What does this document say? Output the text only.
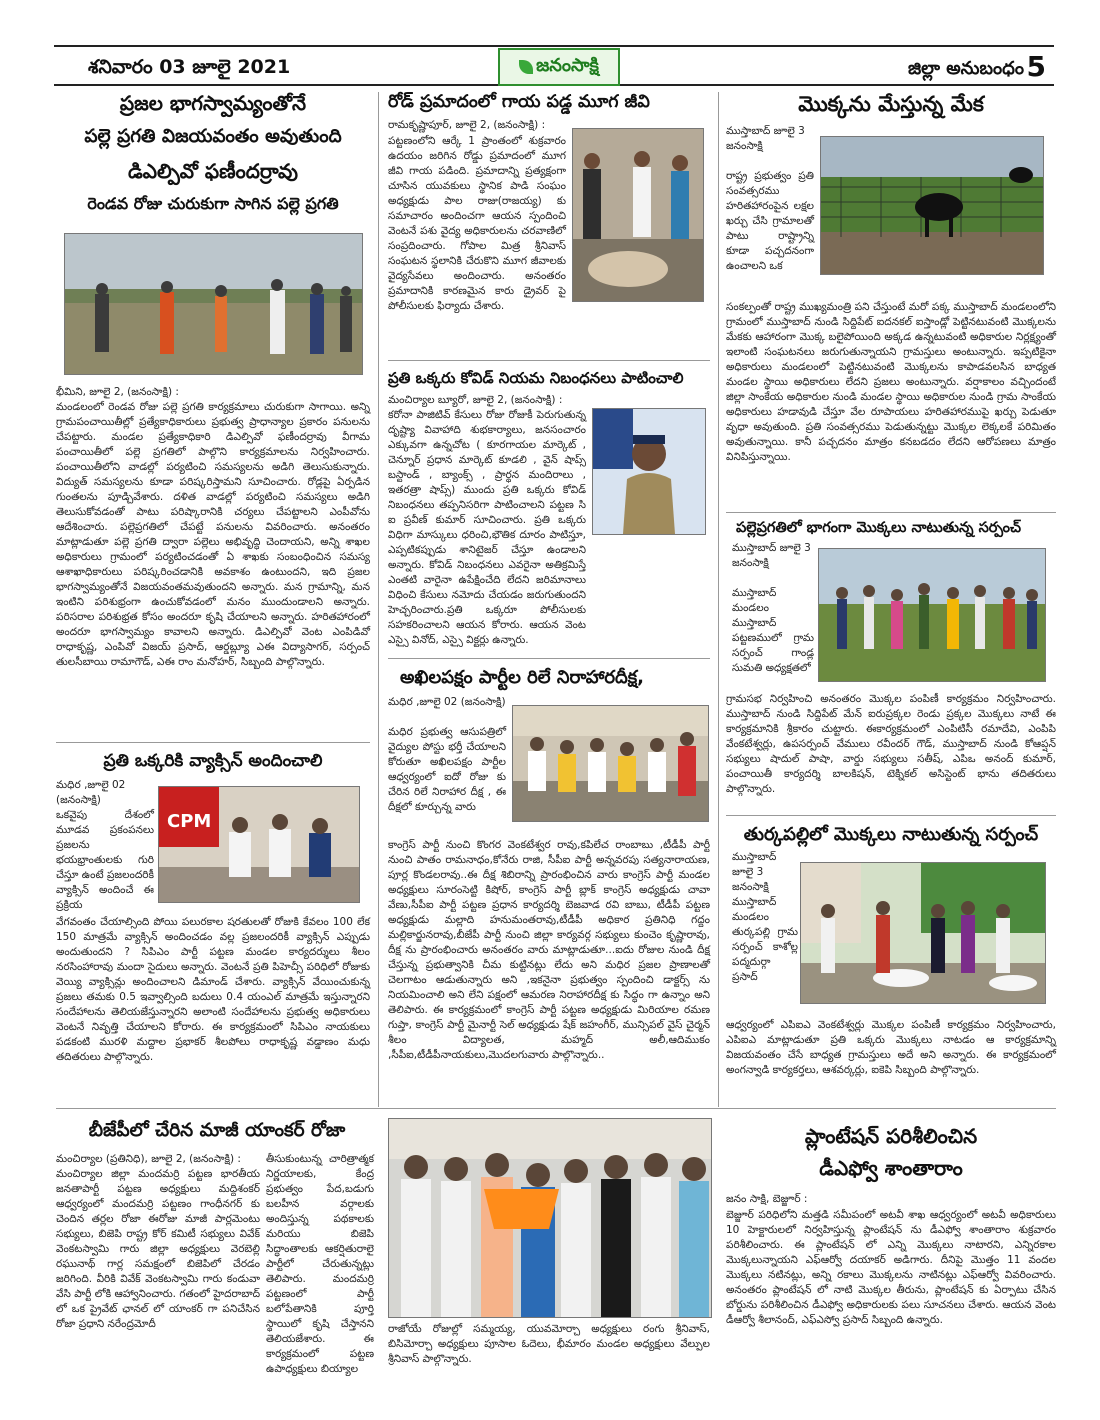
శనివారం 03 జూలై 2021	జనంసాక్షి	జిల్లా అనుబంధం 5
ప్రజల భాగస్వామ్యంతోనే
పల్లె ప్రగతి విజయవంతం అవుతుంది
డిఎల్పివో ఫణీందర్రావు
రెండవ రోజు చురుకుగా సాగిన పల్లె ప్రగతి
భీమిని, జూలై 2, (జనంసాక్షి) :
మండలంలో రెండవ రోజు పల్లె ప్రగతి కార్యక్రమాలు చురుకుగా సాగాయి. అన్ని గ్రామపంచాయితీల్లో ప్రత్యేకాధికారులు ప్రభుత్వ ప్రాధాన్యాల ప్రకారం పనులను చేపట్టారు. మండల ప్రత్యేకాధికారి డిఎల్పివో ఫణీందర్రావు వీగామ పంచాయితీలో పల్లె ప్రగతిలో పాల్గొని కార్యక్రమాలను నిర్వహించారు. పంచాయితీలోని వాడల్లో పర్యటించి సమస్యలను అడిగి తెలుసుకున్నారు. విద్యుత్ సమస్యలను కూడా పరిష్కరిస్తామని సూచించారు. రోడ్లపై ఏర్పడిన గుంతలను పూడ్చివేశారు. దళిత వాడల్లో పర్యటించి సమస్యలు అడిగి తెలుసుకోవడంతో పాటు పరిష్కారానికి చర్యలు చేపట్టాలని ఎంపీవోను ఆదేశించారు. పల్లెప్రగతిలో చేపట్టే పనులను వివరించారు. అనంతరం మాట్లాడుతూ పల్లె ప్రగతి ద్వారా పల్లెలు అభివృద్ధి చెందాయని, అన్ని శాఖల అధికారులు గ్రామంలో పర్యటించడంతో ఏ శాఖకు సంబంధించిన సమస్య ఆశాఖాధికారులు పరిష్కరించడానికి అవకాశం ఉంటుందని, ఇది ప్రజల భాగస్వామ్యంతోనే విజయవంతమవుతుందని అన్నారు. మన గ్రామాన్ని, మన ఇంటిని పరిశుభ్రంగా ఉంచుకోవడంలో మనం ముందుండాలని అన్నారు. పరిసరాల పరిశుభ్రత కోసం అందరూ కృషి చేయాలని అన్నారు. హరితహారంలో అందరూ భాగస్వామ్యం కావాలని అన్నారు. డిఎల్పివో వెంట ఎంపిడివో రాధాకృష్ణ, ఎంపివో విజయ్ ప్రసాద్, ఆర్డబ్ల్యూ ఎఈ విద్యాసాగర్, సర్పంచ్ తులసీబాయి రామాగౌడ్, ఎఈ రాం మనోహర్, సిబ్బంది పాల్గొన్నారు.
ప్రతి ఒక్కరికి వ్యాక్సిన్ అందించాలి
మధిర ,జూలై 02 (జనంసాక్షి)
ఒకవైపు దేశంలో మూడవ ప్రకంపనలు ప్రజలను భయభ్రాంతులకు గురి చేస్తూ ఉంటే ప్రజలందరికీ వ్యాక్సిన్ అందించే ఈ ప్రక్రియ
CPM
వేగవంతం చేయాల్సింది పోయి పలురకాల షరతులతో రోజుకి కేవలం 100 లేక 150 మాత్రమే వ్యాక్సిన్ అందించడం వల్ల ప్రజలందరికీ వ్యాక్సిన్ ఎప్పుడు అందుతుందని ? సిపిఎం పార్టీ పట్టణ మండల కార్యదర్శులు శీలం నరసింహారావు మందా సైదులు అన్నారు. వెంటనే ప్రతి పిహెచ్సీ పరిధిలో రోజుకు వెయ్యి వ్యాక్సిన్లు అందించాలని డిమాండ్ చేశారు. వ్యాక్సిన్ వేయించుకున్న ప్రజలు తమకు 0.5 ఇవ్వాల్సింది బదులు 0.4 యంఎల్ మాత్రమే ఇస్తున్నారని సందేహాలను తెలియజేస్తున్నారని అలాంటి సందేహాలను ప్రభుత్వ అధికారులు వెంటనే నివృత్తి చేయాలని కోరారు. ఈ కార్యక్రమంలో సిపిఎం నాయకులు పడకంటి మురళి మద్దాల ప్రభాకర్ శీలపోలు రాధాకృష్ణ వడ్డాణం మధు తదితరులు పాల్గొన్నారు.
రోడ్ ప్రమాదంలో గాయ పడ్డ మూగ జీవి
రామకృష్ణాపూర్, జూలై 2, (జనంసాక్షి) :
పట్టణంలోని ఆర్కే 1 ప్రాంతంలో శుక్రవారం ఉదయం జరిగిన రోడ్డు ప్రమాదంలో మూగ జీవి గాయ పడింది. ప్రమాదాన్ని ప్రత్యక్షంగా చూసిన యువకులు స్థానిక పాడి సంఘం అధ్యక్షుడు పాల రాజు(రాజయ్య) కు సమాచారం అందించగా ఆయన స్పందించి వెంటనే పశు వైద్య అధికారులను చరవాణిలో సంప్రదించారు. గోపాల మిత్ర శ్రీనివాస్ సంఘటన స్థలానికి చేరుకొని మూగ జీవాలకు వైద్యసేవలు అందించారు. అనంతరం ప్రమాదానికి కారణమైన కారు డ్రైవర్ పై పోలీసులకు ఫిర్యాదు చేశారు.
ప్రతి ఒక్కరు కోవిడ్ నియమ నిబంధనలు పాటించాలి
మంచిర్యాల బ్యూరో, జూలై 2, (జనంసాక్షి) :
కరోనా పాజిటివ్ కేసులు రోజు రోజుకీ పెరుగుతున్న దృష్ట్యా వివాహాది శుభకార్యాలు, జనసంచారం ఎక్కువగా ఉన్నచోట ( కూరగాయల మార్కెట్ , చెన్నూర్ ప్రధాన మార్కెట్ కూడలి , వైన్ షాప్స్ బస్టాండ్ , బ్యాంక్స్ , ప్రార్థన మందిరాలు , ఇతరత్రా షాప్స్) ముందు ప్రతి ఒక్కరు కోవిడ్ నిబంధనలు తప్పనిసరిగా పాటించాలని పట్టణ సి ఐ ప్రవీణ్ కుమార్ సూచించారు. ప్రతి ఒక్కరు విధిగా మాస్కులు ధరించి,భౌతిక దూరం పాటిస్తూ, ఎప్పటికప్పుడు శానిటైజర్ చేస్తూ ఉండాలని అన్నారు. కోవిడ్ నిబంధనలు ఎవరైనా అతిక్రమిస్తే ఎంతటి వారైనా ఉపేక్షించేది లేదని జరిమానాలు విధించి కేసులు నమోదు చేయడం జరుగుతుందని హెచ్చరించారు.ప్రతి ఒక్కరూ పోలీసులకు సహకరించాలని ఆయన కోరారు. ఆయన వెంట ఎస్సై వినోద్, ఎస్సై విక్టర్లు ఉన్నారు.
అఖిలపక్షం పార్టీల రిలే నిరాహారదీక్ష,
మధిర ,జూలై 02 (జనంసాక్షి)
మధిర ప్రభుత్వ ఆసుపత్రిలో వైద్యుల పోస్టు భర్తీ చేయాలని కోరుతూ అఖిలపక్షం పార్టీల ఆధ్వర్యంలో ఐదో రోజు కు చేరిన రిలే నిరాహార దీక్ష , ఈ దీక్షలో కూర్చున్న వారు
కాంగ్రెస్ పార్టీ నుంచి కొంగర వెంకటేశ్వర రావు,కపిలేచ రాంబాబు ,టీడీపీ పార్టీ నుంచి పాతం రామనాధం,కోనేరు రాజి, సీపీఐ పార్టీ అన్నవరపు సత్యనారాయణ, పూర్ల కొండలరావు..ఈ దీక్ష శిబిరాన్ని ప్రారంభించిన వారు కాంగ్రెస్ పార్టీ మండల అధ్యక్షులు సూరంసెట్టి కిషోర్, కాంగ్రెస్ పార్టీ బ్లాక్ కాంగ్రెస్ అధ్యక్షుడు చావా వేణు,సీపీఐ పార్టీ పట్టణ ప్రధాన కార్యదర్శి బెజవాడ రవి బాబు, టీడీపీ పట్టణ అధ్యక్షుడు మల్లాది హనుమంతరావు,టీడీపీ అధికార ప్రతినిధి గద్దం మల్లికార్జునరావు,బీజేపీ పార్టీ నుంచి జిల్లా కార్యవర్గ సభ్యులు కుంచెం కృష్ణారావు, దీక్ష ను ప్రారంభించారు అనంతరం వారు మాట్లాడుతూ...ఐదు రోజుల నుండి దీక్ష చేస్తున్న ప్రభుత్వానికి చీమ కుట్టినట్లు లేదు అని మధిర ప్రజల ప్రాణాలతో చెలగాటం ఆడుతున్నారు అని ,ఇకనైనా ప్రభుత్వం స్పందించి డాక్టర్స్ ను నియమించాలి అని లేని పక్షంలో ఆమరణ నిరాహారదీక్ష కు సిద్ధం గా ఉన్నాం అని తెలిపారు. ఈ కార్యక్రమంలో కాంగ్రెస్ పార్టీ పట్టణ అధ్యక్షుడు మిరియాల రమణ గుప్తా, కాంగ్రెస్ పార్టీ మైనార్టీ సెల్ అధ్యక్షుడు షేక్ జహంగీర్, మున్సిపల్ వైస్ చైర్మన్ శీలం విద్యాలత, మహ్మద్ అలీ,ఆదిముకం ,సీపీఐ,టీడీపీనాయకులు,మొదలగువారు పాల్గొన్నారు..
మొక్కను మేస్తున్న మేక
ముస్తాబాద్ జూలై 3 జనంసాక్షి
రాష్ట్ర ప్రభుత్వం ప్రతి సంవత్సరము హరితహారంపైన లక్షల ఖర్చు చేసి గ్రామాలతో పాటు రాష్ట్రాన్ని కూడా పచ్చదనంగా ఉంచాలని ఒక
సంకల్పంతో రాష్ట్ర ముఖ్యమంత్రి పని చేస్తుంటే మరో పక్క ముస్తాబాద్ మండలంలోని గ్రామంలో ముస్తాబాద్ నుండి సిద్దిపేట్ ఐదనకల్ ఐస్తాండ్లో పెట్టినటువంటి మొక్కలను మేకకు ఆహారంగా మొక్క బలైపోయింది అక్కడ ఉన్నటువంటి అధికారుల నిర్లక్ష్యంతో ఇలాంటి సంఘటనలు జరుగుతున్నాయని గ్రామస్తులు అంటున్నారు. ఇప్పటికైనా అధికారులు మండలంలో పెట్టినటువంటి మొక్కలను కాపాడవలసిన బాధ్యత మండల స్థాయి అధికారులు లేదని ప్రజలు అంటున్నారు. వర్షాకాలం వచ్చిందంటే జిల్లా సాంకేయ అధికారుల నుండి మండల స్థాయి అధికారుల నుండి గ్రామ సాంకేయ అధికారులు హడావుడి చేస్తూ వేల రూపాయలు హరితహారముపై ఖర్చు పెడుతూ వృధా అవుతుంది. ప్రతి సంవత్సరము పెడుతున్నట్టు మొక్కల లెక్కలకే పరిమితం అవుతున్నాయి. కానీ పచ్చదనం మాత్రం కనబడదం లేదని ఆరోపణలు మాత్రం వినిపిస్తున్నాయి.
పల్లెప్రగతిలో భాగంగా మొక్కలు నాటుతున్న సర్పంచ్
ముస్తాబాద్ జూలై 3 జనంసాక్షి
ముస్తాబాద్ మండలం ముస్తాబాద్ పట్టణములో గ్రామ సర్పంచ్ గాండ్ల సుమతి అధ్యక్షతలో
గ్రామసభ నిర్వహించి అనంతరం మొక్కల పంపిణీ కార్యక్రమం నిర్వహించారు. ముస్తాబాద్ నుండి సిద్దిపేట్ మేన్ ఐరుప్రక్కల రెండు ప్రక్కల మొక్కలు నాటే ఈ కార్యక్రమానికి శ్రీకారం చుట్టారు. ఈకార్యక్రమంలో ఎంపిటిసీ రమాదేవి, ఎంపిపి వేంకటేశ్వర్లు, ఉపసర్పంచ్ వేములు రవీందర్ గౌడ్, ముస్తాబాద్ నుండి కోఆప్షన్ సభ్యులు షాదుల్ పాషా, వార్డు సభ్యులు సతీష్, ఎపిఒ అనంద్ కుమార్, పంచాయితీ కార్యదర్శి బాలకిషన్, టెక్నికల్ అసిస్టెంట్ భాను తదితరులు పాల్గొన్నారు.
తుర్కపల్లిలో మొక్కలు నాటుతున్న సర్పంచ్
ముస్తాబాద్ జూలై 3 జనంసాక్షి
ముస్తాబాద్ మండలం తుర్కపల్లి గ్రామ సర్పంచ్ కాశోల్ల పద్మదుర్గా ప్రసాద్
ఆధ్వర్యంలో ఎపిఐఎ వెంకటేశ్వర్లు మొక్కల పంపిణీ కార్యక్రమం నిర్వహించారు, ఎపిఐఎ మాట్లాడుతూ ప్రతి ఒక్కరు మొక్కలు నాటడం ఆ కార్యక్రమాన్ని విజయవంతం చేసే బాధ్యత గ్రామస్తులు అదే అని అన్నారు. ఈ కార్యక్రమంలో అంగన్వాడి కార్యకర్తలు, ఆశవర్కర్లు, ఐకెపి సిబ్బంది పాల్గొన్నారు.
బీజేపీలో చేరిన మాజీ యాంకర్ రోజా
మంచిర్యాల (ప్రతినిధి), జూలై 2, (జనంసాక్షి) :
మంచిర్యాల జిల్లా మందమర్రి పట్టణ భారతీయ జనతాపార్టీ పట్టణ అధ్యక్షులు మద్దిశంకర్ ఆధ్వర్యంలో మందమర్రి పట్టణం గాంధీనగర్ కు చెందిన తర్లల రోజా ఈరోజు మాజీ పార్లమెంటు సభ్యులు, బిజెపి రాష్ట్ర కోర్ కమిటీ సభ్యులు వివేక్ వెంకటస్వామి గారు జిల్లా అధ్యక్షులు వెరబెల్లి రఘునాథ్ గార్ల సమక్షంలో బిజెపిలో చేరడం జరిగింది. వీరికి వివేక్ వెంకటస్వామి గారు కండువా వేసి పార్టీ లోకి ఆహ్వానించారు. గతంలో హైదరాబాద్ లో ఒక ప్రైవేట్ ఛానల్ లో యాంకర్ గా పనిచేసిన రోజా ప్రధాని నరేంద్రమోదీ
తీసుకుంటున్న చారిత్రాత్మక నిర్ణయాలకు, కేంద్ర ప్రభుత్వం పేద,బడుగు బలహీన వర్గాలకు అందిస్తున్న పథకాలకు మరియు బిజెపి సిద్ధాంతాలకు ఆకర్షితురాలై పార్టీలో చేరుతున్నట్లు తెలిపారు. మందమర్రి పట్టణంలో పార్టీ బలోపేతానికి పూర్తి స్థాయిలో కృషి చేస్తానని తెలియజేశారు. ఈ కార్యక్రమంలో పట్టణ ఉపాధ్యక్షులు బియ్యాల
రాజోయే రోజుల్లో సమ్మయ్య, యువమోర్చా అధ్యక్షులు రంగు శ్రీనివాస్, బిసిమోర్చా అధ్యక్షులు పూసాల ఓదెలు, భీమారం మండల అధ్యక్షులు వేల్పుల శ్రీనివాస్ పాల్గొన్నారు.
ప్లాంటేషన్ పరిశీలించిన
డీఎఫ్వో శాంతారాం
జనం సాక్షి, బెజ్జూర్ :
బెజ్జూర్ పరిధిలోని మత్తడి సమీపంలో అటవీ శాఖ ఆధ్వర్యంలో అటవీ అధికారులు 10 హెక్టారులలో నిర్వహిస్తున్న ప్లాంటేషన్ ను డీఎఫ్వో శాంతారాం శుక్రవారం పరిశీలించారు. ఈ ప్లాంటేషన్ లో ఎన్ని మొక్కలు నాటారని, ఎన్నిరకాల మొక్కలున్నాయని ఎఫ్ఆర్వో దయాకర్ అడిగారు. దీనిపై మొత్తం 11 వందల మొక్కలు నటినట్లు, అన్ని రకాలు మొక్కలను నాటినట్లు ఎఫ్ఆర్వో వివరించారు. అనంతరం ప్లాంటేషన్ లో నాటి మొక్కల తీరును, ప్లాంటేషన్ కు ఏర్పాటు చేసిన బోర్డును పరిశీలించిన డీఎఫ్వో అధికారులకు పలు సూచనలు చేశారు. ఆయన వెంట డీఆర్వో శీలానంద్, ఎఫ్ఎస్వో ప్రసాద్ సిబ్బంది ఉన్నారు.
